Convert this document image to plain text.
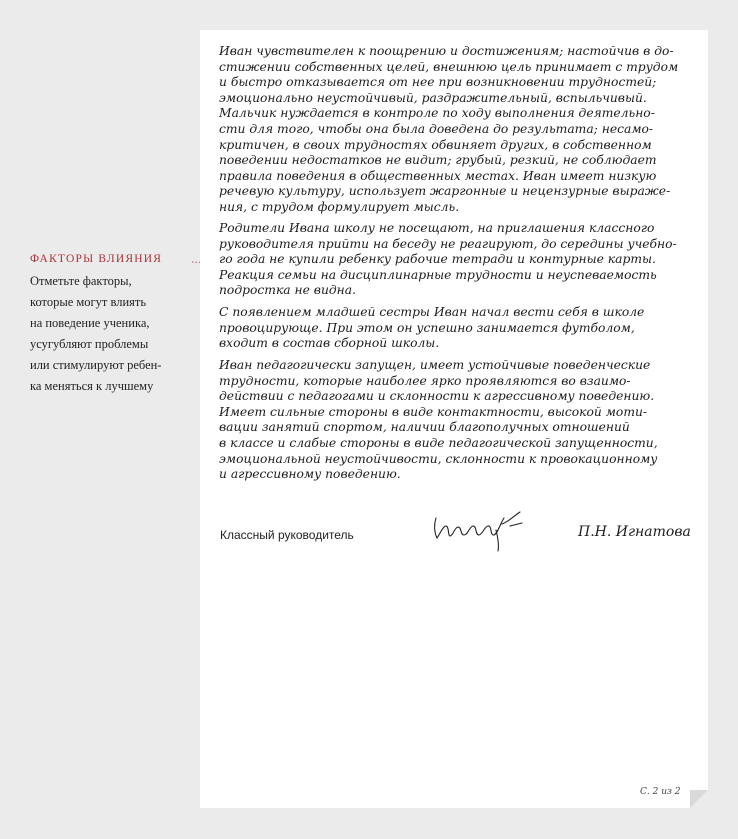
ФАКТОРЫ ВЛИЯНИЯ
Отметьте факторы,
которые могут влиять
на поведение ученика,
усугубляют проблемы
или стимулируют ребен-
ка меняться к лучшему
Иван чувствителен к поощрению и достижениям; настойчив в до-
стижении собственных целей, внешнюю цель принимает с трудом
и быстро отказывается от нее при возникновении трудностей;
эмоционально неустойчивый, раздражительный, вспыльчивый.
Мальчик нуждается в контроле по ходу выполнения деятельно-
сти для того, чтобы она была доведена до результата; несамо-
критичен, в своих трудностях обвиняет других, в собственном
поведении недостатков не видит; грубый, резкий, не соблюдает
правила поведения в общественных местах. Иван имеет низкую
речевую культуру, использует жаргонные и нецензурные выраже-
ния, с трудом формулирует мысль.
Родители Ивана школу не посещают, на приглашения классного
руководителя прийти на беседу не реагируют, до середины учебно-
го года не купили ребенку рабочие тетради и контурные карты.
Реакция семьи на дисциплинарные трудности и неуспеваемость
подростка не видна.
С появлением младшей сестры Иван начал вести себя в школе
провоцирующе. При этом он успешно занимается футболом,
входит в состав сборной школы.
Иван педагогически запущен, имеет устойчивые поведенческие
трудности, которые наиболее ярко проявляются во взаимо-
действии с педагогами и склонности к агрессивному поведению.
Имеет сильные стороны в виде контактности, высокой моти-
вации занятий спортом, наличии благополучных отношений
в классе и слабые стороны в виде педагогической запущенности,
эмоциональной неустойчивости, склонности к провокационному
и агрессивному поведению.
Классный руководитель	П.Н. Игнатова
С. 2 из 2
